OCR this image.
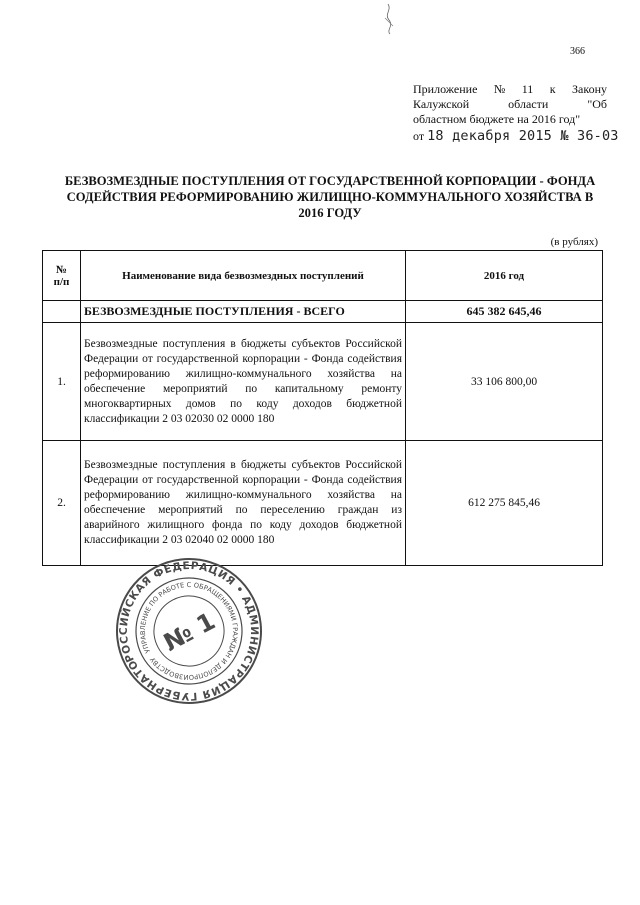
366
Приложение № 11 к Закону
Калужской	области	"Об
областном бюджете на 2016 год"
от 18 декабря 2015 № 36-03
БЕЗВОЗМЕЗДНЫЕ ПОСТУПЛЕНИЯ ОТ ГОСУДАРСТВЕННОЙ КОРПОРАЦИИ - ФОНДА
СОДЕЙСТВИЯ РЕФОРМИРОВАНИЮ ЖИЛИЩНО-КОММУНАЛЬНОГО ХОЗЯЙСТВА В
2016 ГОДУ
(в рублях)
№
п/п	Наименование вида безвозмездных поступлений	2016 год
	БЕЗВОЗМЕЗДНЫЕ ПОСТУПЛЕНИЯ - ВСЕГО	645 382 645,46
1.	Безвозмездные поступления в бюджеты субъектов Российской Федерации от государственной корпорации - Фонда содействия реформированию жилищно-коммунального хозяйства на обеспечение мероприятий по капитальному ремонту многоквартирных домов по коду доходов бюджетной классификации 2 03 02030 02 0000 180	33 106 800,00
2.	Безвозмездные поступления в бюджеты субъектов Российской Федерации от государственной корпорации - Фонда содействия реформированию жилищно-коммунального хозяйства на обеспечение мероприятий по переселению граждан из аварийного жилищного фонда по коду доходов бюджетной классификации 2 03 02040 02 0000 180	612 275 845,46
РОССИЙСКАЯ ФЕДЕРАЦИЯ • АДМИНИСТРАЦИЯ ГУБЕРНАТОРА
УПРАВЛЕНИЕ ПО РАБОТЕ С ОБРАЩЕНИЯМИ ГРАЖДАН И ДЕЛОПРОИЗВОДСТВУ
№ 1
